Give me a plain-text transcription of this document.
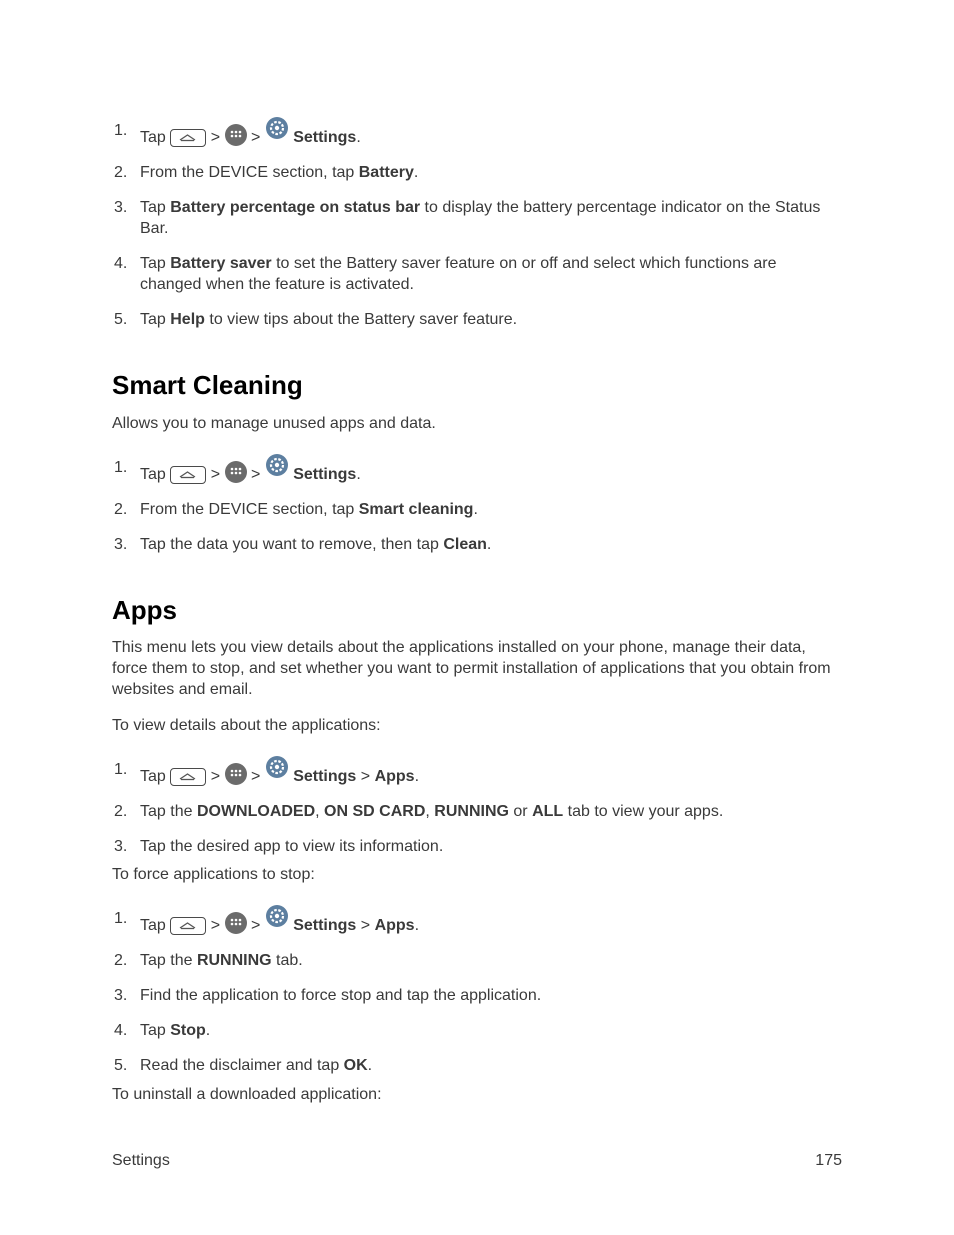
1. Tap	> > Settings.
2. From the DEVICE section, tap Battery.
3. Tap Battery percentage on status bar to display the battery percentage indicator on the Status Bar.
4. Tap Battery saver to set the Battery saver feature on or off and select which functions are changed when the feature is activated.
5. Tap Help to view tips about the Battery saver feature.
Smart Cleaning

Allows you to manage unused apps and data.

1. Tap	> > Settings.
2. From the DEVICE section, tap Smart cleaning.
3. Tap the data you want to remove, then tap Clean.
Apps

This menu lets you view details about the applications installed on your phone, manage their data, force them to stop, and set whether you want to permit installation of applications that you obtain from websites and email.

To view details about the applications:

1. Tap	> > Settings > Apps.
2. Tap the DOWNLOADED, ON SD CARD, RUNNING or ALL tab to view your apps.
3. Tap the desired app to view its information.

To force applications to stop:

1. Tap	> > Settings > Apps.
2. Tap the RUNNING tab.
3. Find the application to force stop and tap the application.
4. Tap Stop.
5. Read the disclaimer and tap OK.

To uninstall a downloaded application:

Settings	175
